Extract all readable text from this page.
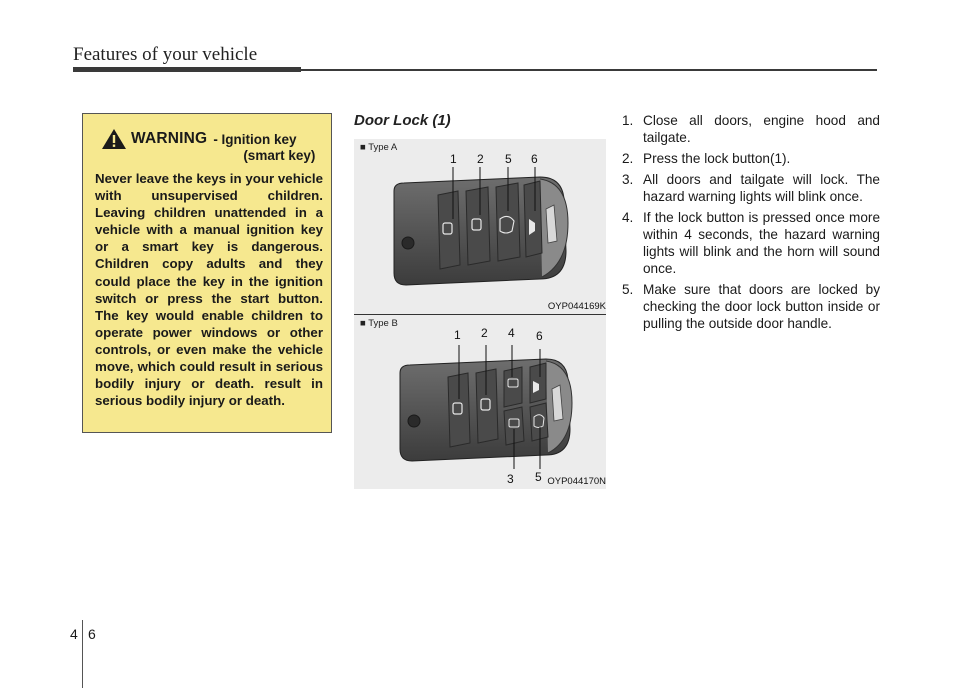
Features of your vehicle
WARNING - Ignition key
(smart key)
Never leave the keys in your vehicle with unsupervised children. Leaving children unattended in a vehicle with a manual ignition key or a smart key is dangerous. Children copy adults and they could place the key in the ignition switch or press the start button. The key would enable children to operate power windows or other controls, or even make the vehicle move, which could result in serious bodily injury or death. result in serious bodily injury or death.
Door Lock (1)
■ Type A
1 2 5 6
OYP044169K
■ Type B
1 2 4 6
3 5 OYP044170N
1. Close all doors, engine hood and tailgate.
2. Press the lock button(1).
3. All doors and tailgate will lock. The hazard warning lights will blink once.
4. If the lock button is pressed once more within 4 seconds, the hazard warning lights will blink and the horn will sound once.
5. Make sure that doors are locked by checking the door lock button inside or pulling the outside door handle.
4 6
